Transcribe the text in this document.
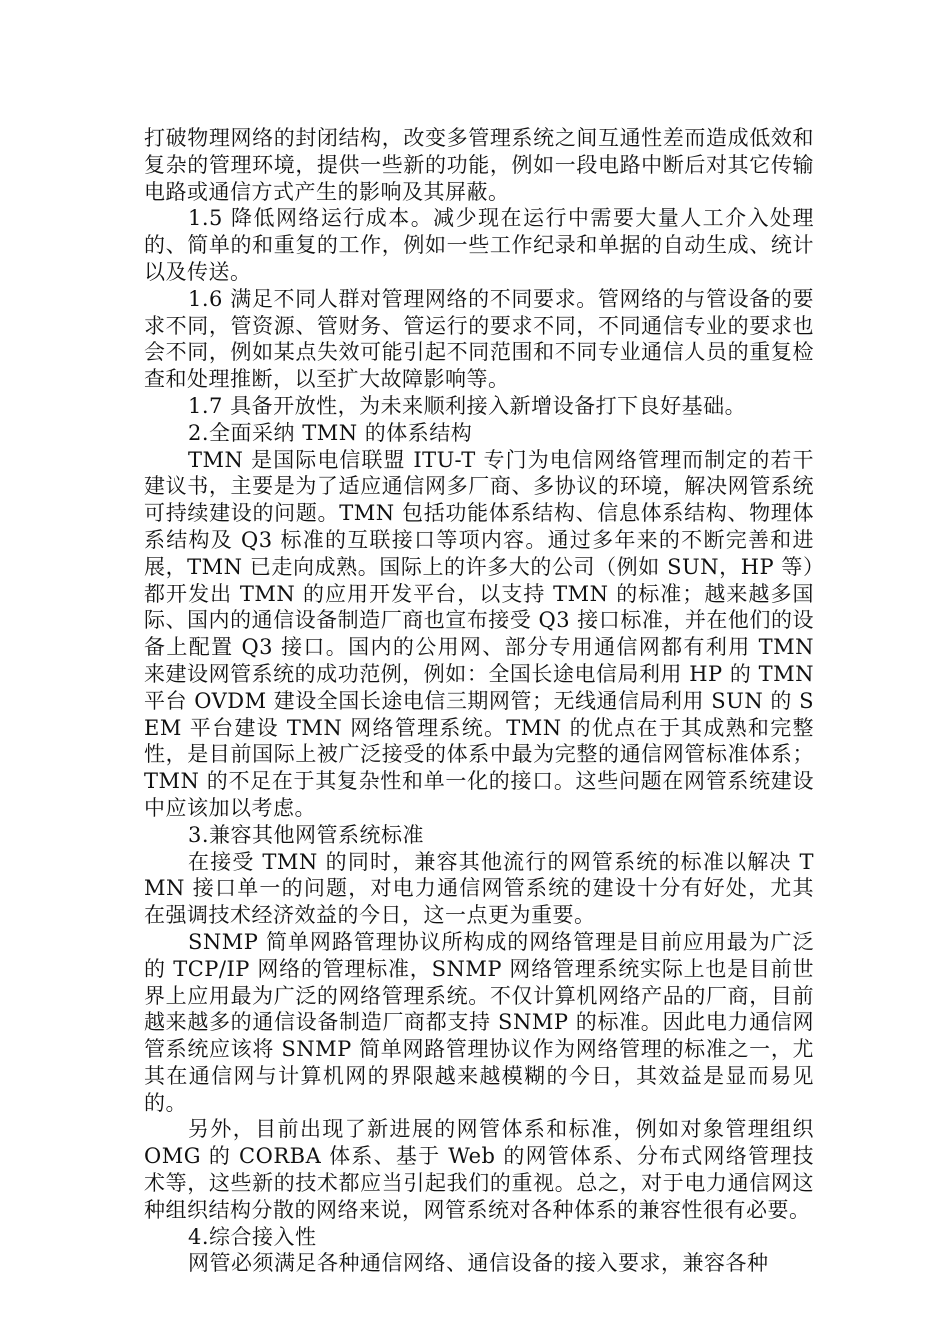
打破物理网络的封闭结构，改变多管理系统之间互通性差而造成低效和复杂的管理环境，提供一些新的功能，例如一段电路中断后对其它传输电路或通信方式产生的影响及其屏蔽。

1.5 降低网络运行成本。减少现在运行中需要大量人工介入处理的、简单的和重复的工作，例如一些工作纪录和单据的自动生成、统计以及传送。

1.6 满足不同人群对管理网络的不同要求。管网络的与管设备的要求不同，管资源、管财务、管运行的要求不同，不同通信专业的要求也会不同，例如某点失效可能引起不同范围和不同专业通信人员的重复检查和处理推断，以至扩大故障影响等。

1.7 具备开放性，为未来顺利接入新增设备打下良好基础。

2.全面采纳 TMN 的体系结构

TMN 是国际电信联盟 ITU-T 专门为电信网络管理而制定的若干建议书，主要是为了适应通信网多厂商、多协议的环境，解决网管系统可持续建设的问题。TMN 包括功能体系结构、信息体系结构、物理体系结构及 Q3 标准的互联接口等项内容。通过多年来的不断完善和进展，TMN 已走向成熟。国际上的许多大的公司（例如 SUN，HP 等）都开发出 TMN 的应用开发平台，以支持 TMN 的标准；越来越多国际、国内的通信设备制造厂商也宣布接受 Q3 接口标准，并在他们的设备上配置 Q3 接口。国内的公用网、部分专用通信网都有利用 TMN 来建设网管系统的成功范例，例如：全国长途电信局利用 HP 的 TMN 平台 OVDM 建设全国长途电信三期网管；无线通信局利用 SUN 的 SEM 平台建设 TMN 网络管理系统。TMN 的优点在于其成熟和完整性，是目前国际上被广泛接受的体系中最为完整的通信网管标准体系；TMN 的不足在于其复杂性和单一化的接口。这些问题在网管系统建设中应该加以考虑。

3.兼容其他网管系统标准

在接受 TMN 的同时，兼容其他流行的网管系统的标准以解决 TMN 接口单一的问题，对电力通信网管系统的建设十分有好处，尤其在强调技术经济效益的今日，这一点更为重要。

SNMP 简单网路管理协议所构成的网络管理是目前应用最为广泛的 TCP/IP 网络的管理标准，SNMP 网络管理系统实际上也是目前世界上应用最为广泛的网络管理系统。不仅计算机网络产品的厂商，目前越来越多的通信设备制造厂商都支持 SNMP 的标准。因此电力通信网管系统应该将 SNMP 简单网路管理协议作为网络管理的标准之一，尤其在通信网与计算机网的界限越来越模糊的今日，其效益是显而易见的。

另外，目前出现了新进展的网管体系和标准，例如对象管理组织 OMG 的 CORBA 体系、基于 Web 的网管体系、分布式网络管理技术等，这些新的技术都应当引起我们的重视。总之，对于电力通信网这种组织结构分散的网络来说，网管系统对各种体系的兼容性很有必要。

4.综合接入性

网管必须满足各种通信网络、通信设备的接入要求，兼容各种
